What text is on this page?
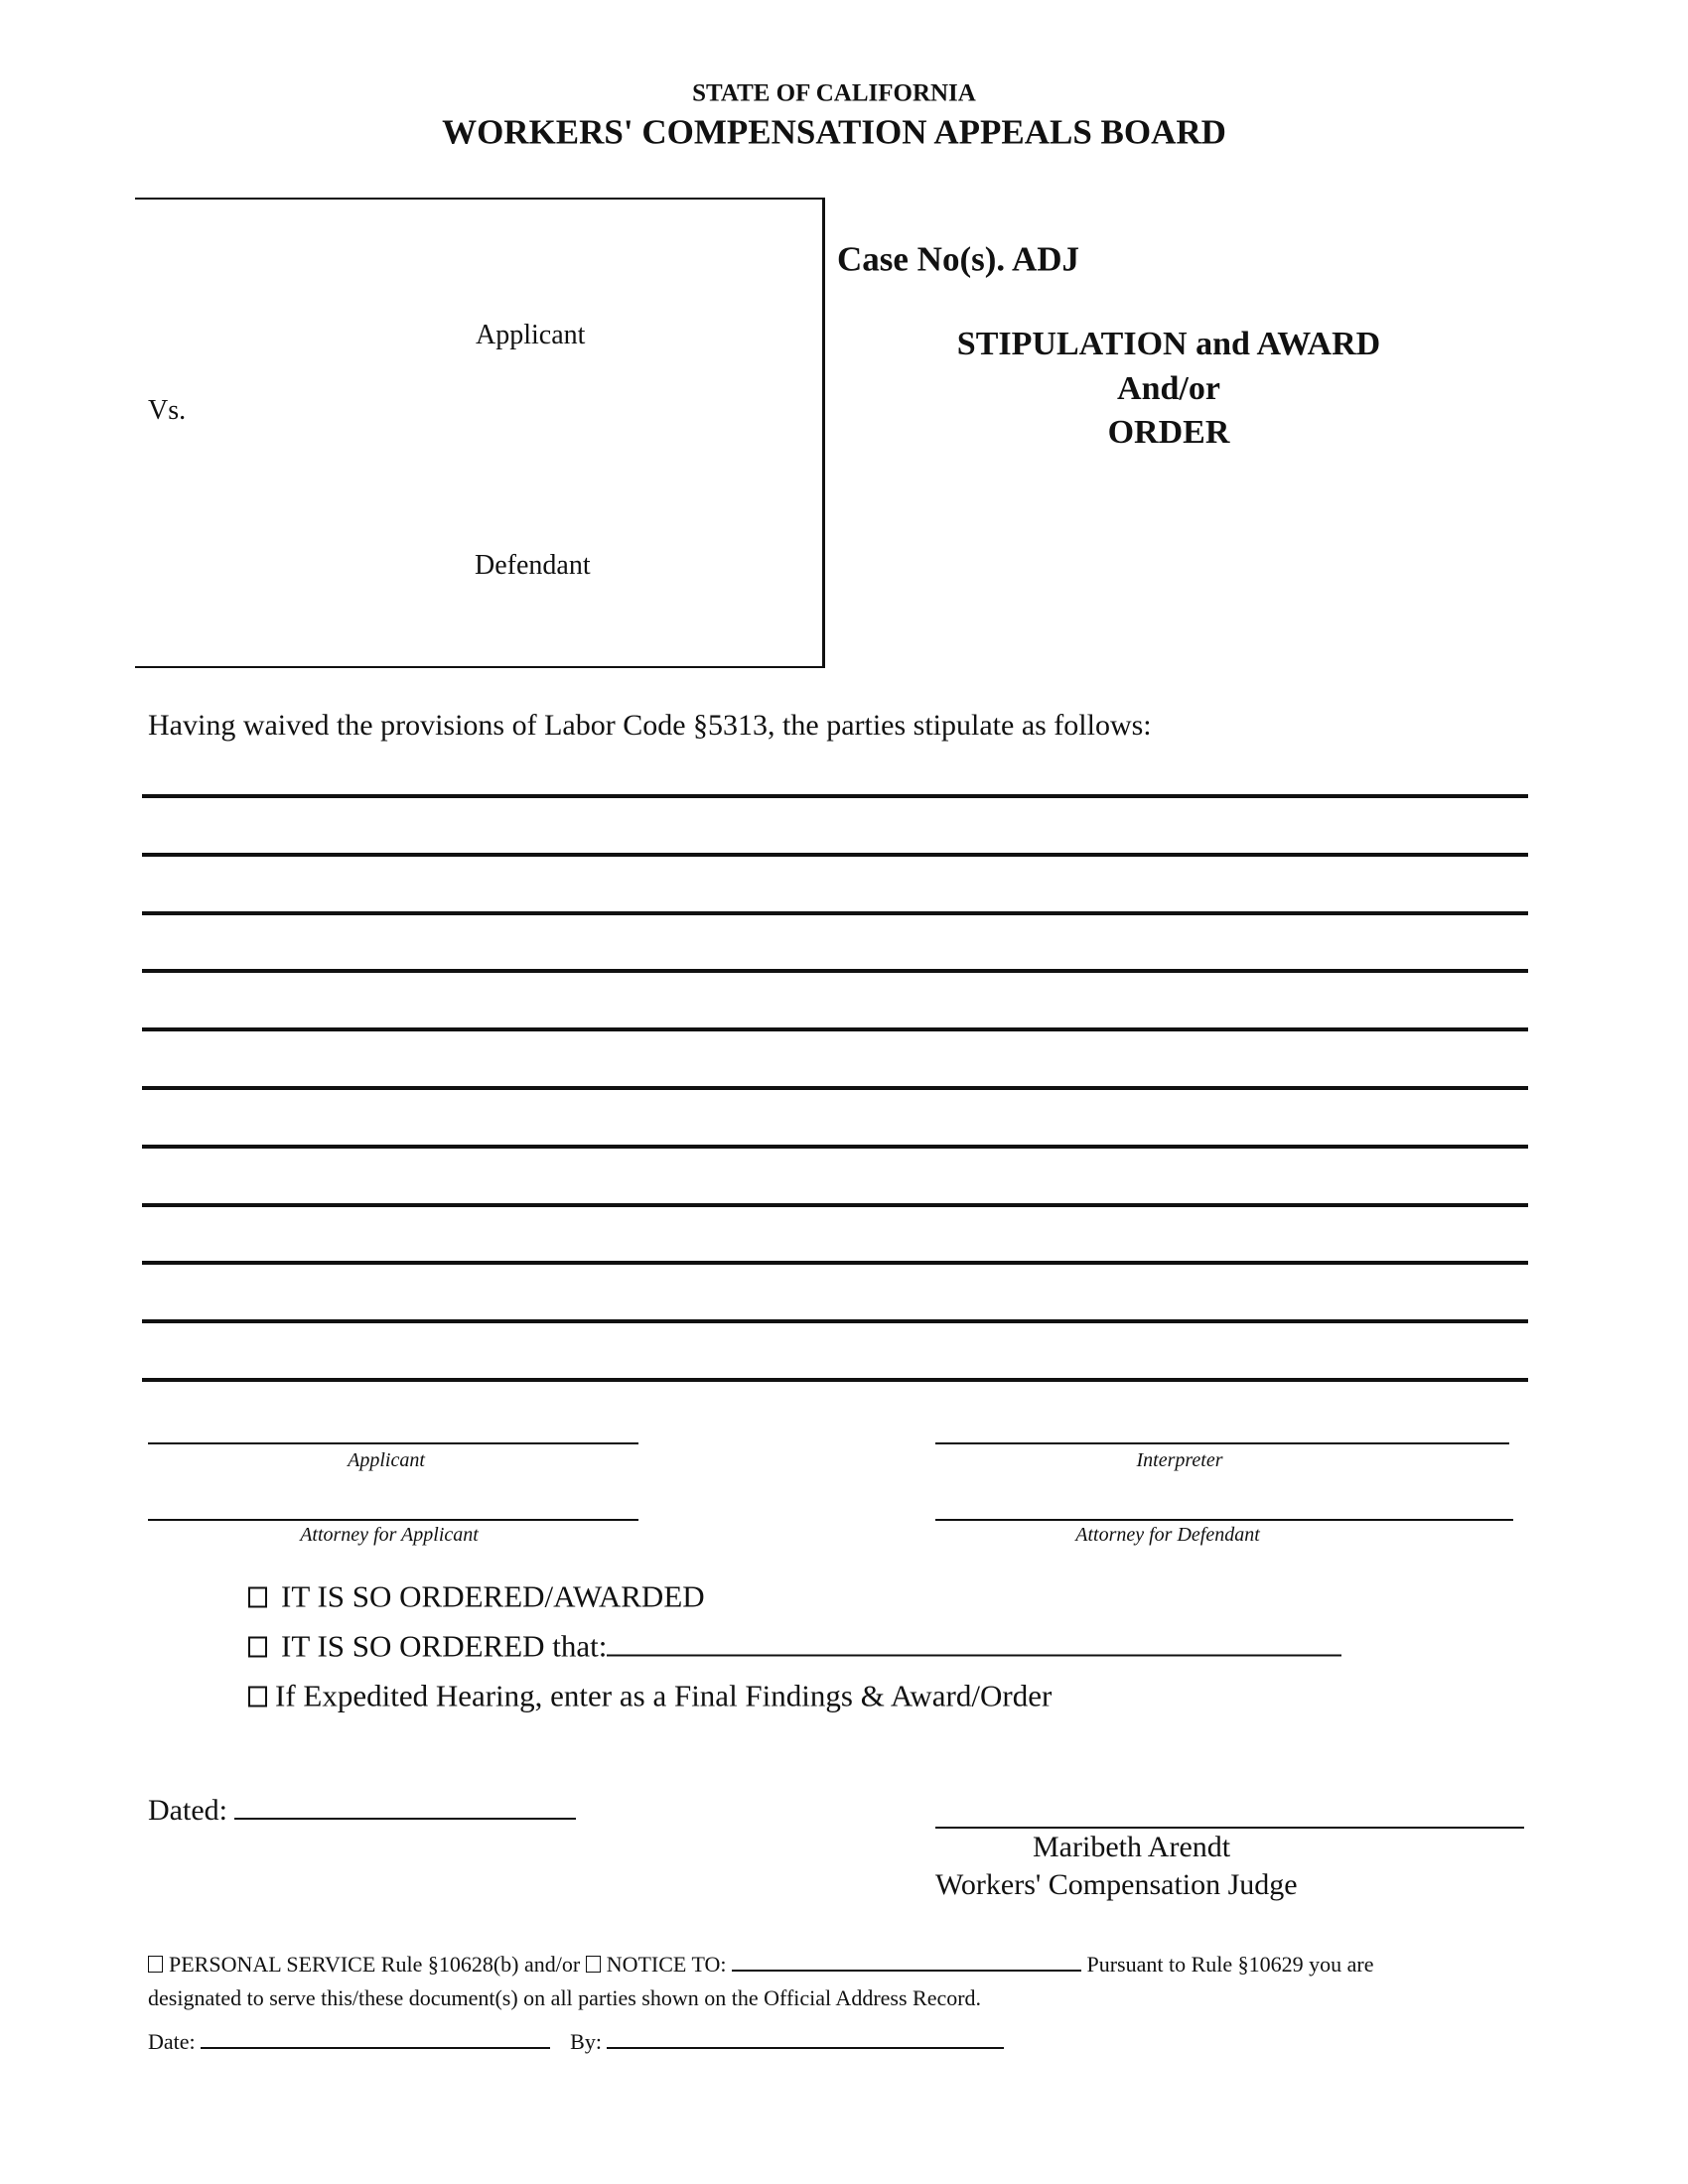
STATE OF CALIFORNIA
WORKERS' COMPENSATION APPEALS BOARD
Applicant
Vs.
Defendant
Case No(s). ADJ
STIPULATION and AWARD
And/or
ORDER
Having waived the provisions of Labor Code §5313, the parties stipulate as follows:
Applicant	Interpreter
Attorney for Applicant	Attorney for Defendant
IT IS SO ORDERED/AWARDED
IT IS SO ORDERED that:
If Expedited Hearing, enter as a Final Findings & Award/Order
Dated:
Maribeth Arendt
Workers' Compensation Judge
PERSONAL SERVICE Rule §10628(b) and/or NOTICE TO:	Pursuant to Rule §10629 you are
designated to serve this/these document(s) on all parties shown on the Official Address Record.
Date:	By:
